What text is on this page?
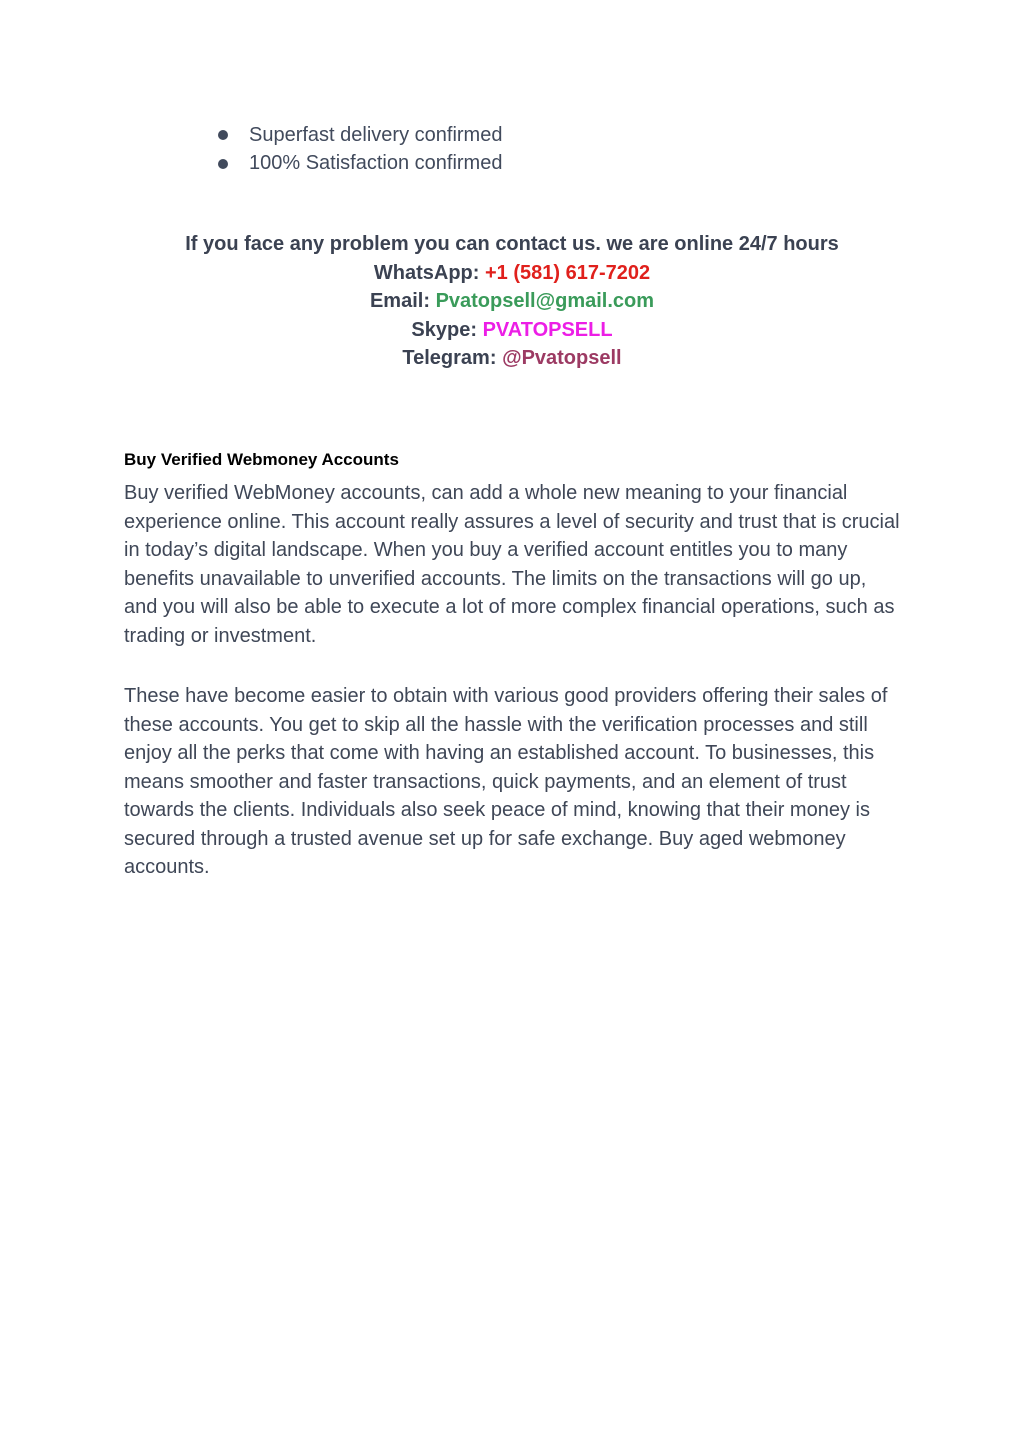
Superfast delivery confirmed
100% Satisfaction confirmed
If you face any problem you can contact us. we are online 24/7 hours
WhatsApp: +1 (581) 617-7202
Email: Pvatopsell@gmail.com
Skype: PVATOPSELL
Telegram: @Pvatopsell
Buy Verified Webmoney Accounts

Buy verified WebMoney accounts, can add a whole new meaning to your financial experience online. This account really assures a level of security and trust that is crucial in today’s digital landscape. When you buy a verified account entitles you to many benefits unavailable to unverified accounts. The limits on the transactions will go up, and you will also be able to execute a lot of more complex financial operations, such as trading or investment.

These have become easier to obtain with various good providers offering their sales of these accounts. You get to skip all the hassle with the verification processes and still enjoy all the perks that come with having an established account. To businesses, this means smoother and faster transactions, quick payments, and an element of trust towards the clients. Individuals also seek peace of mind, knowing that their money is secured through a trusted avenue set up for safe exchange. Buy aged webmoney accounts.
